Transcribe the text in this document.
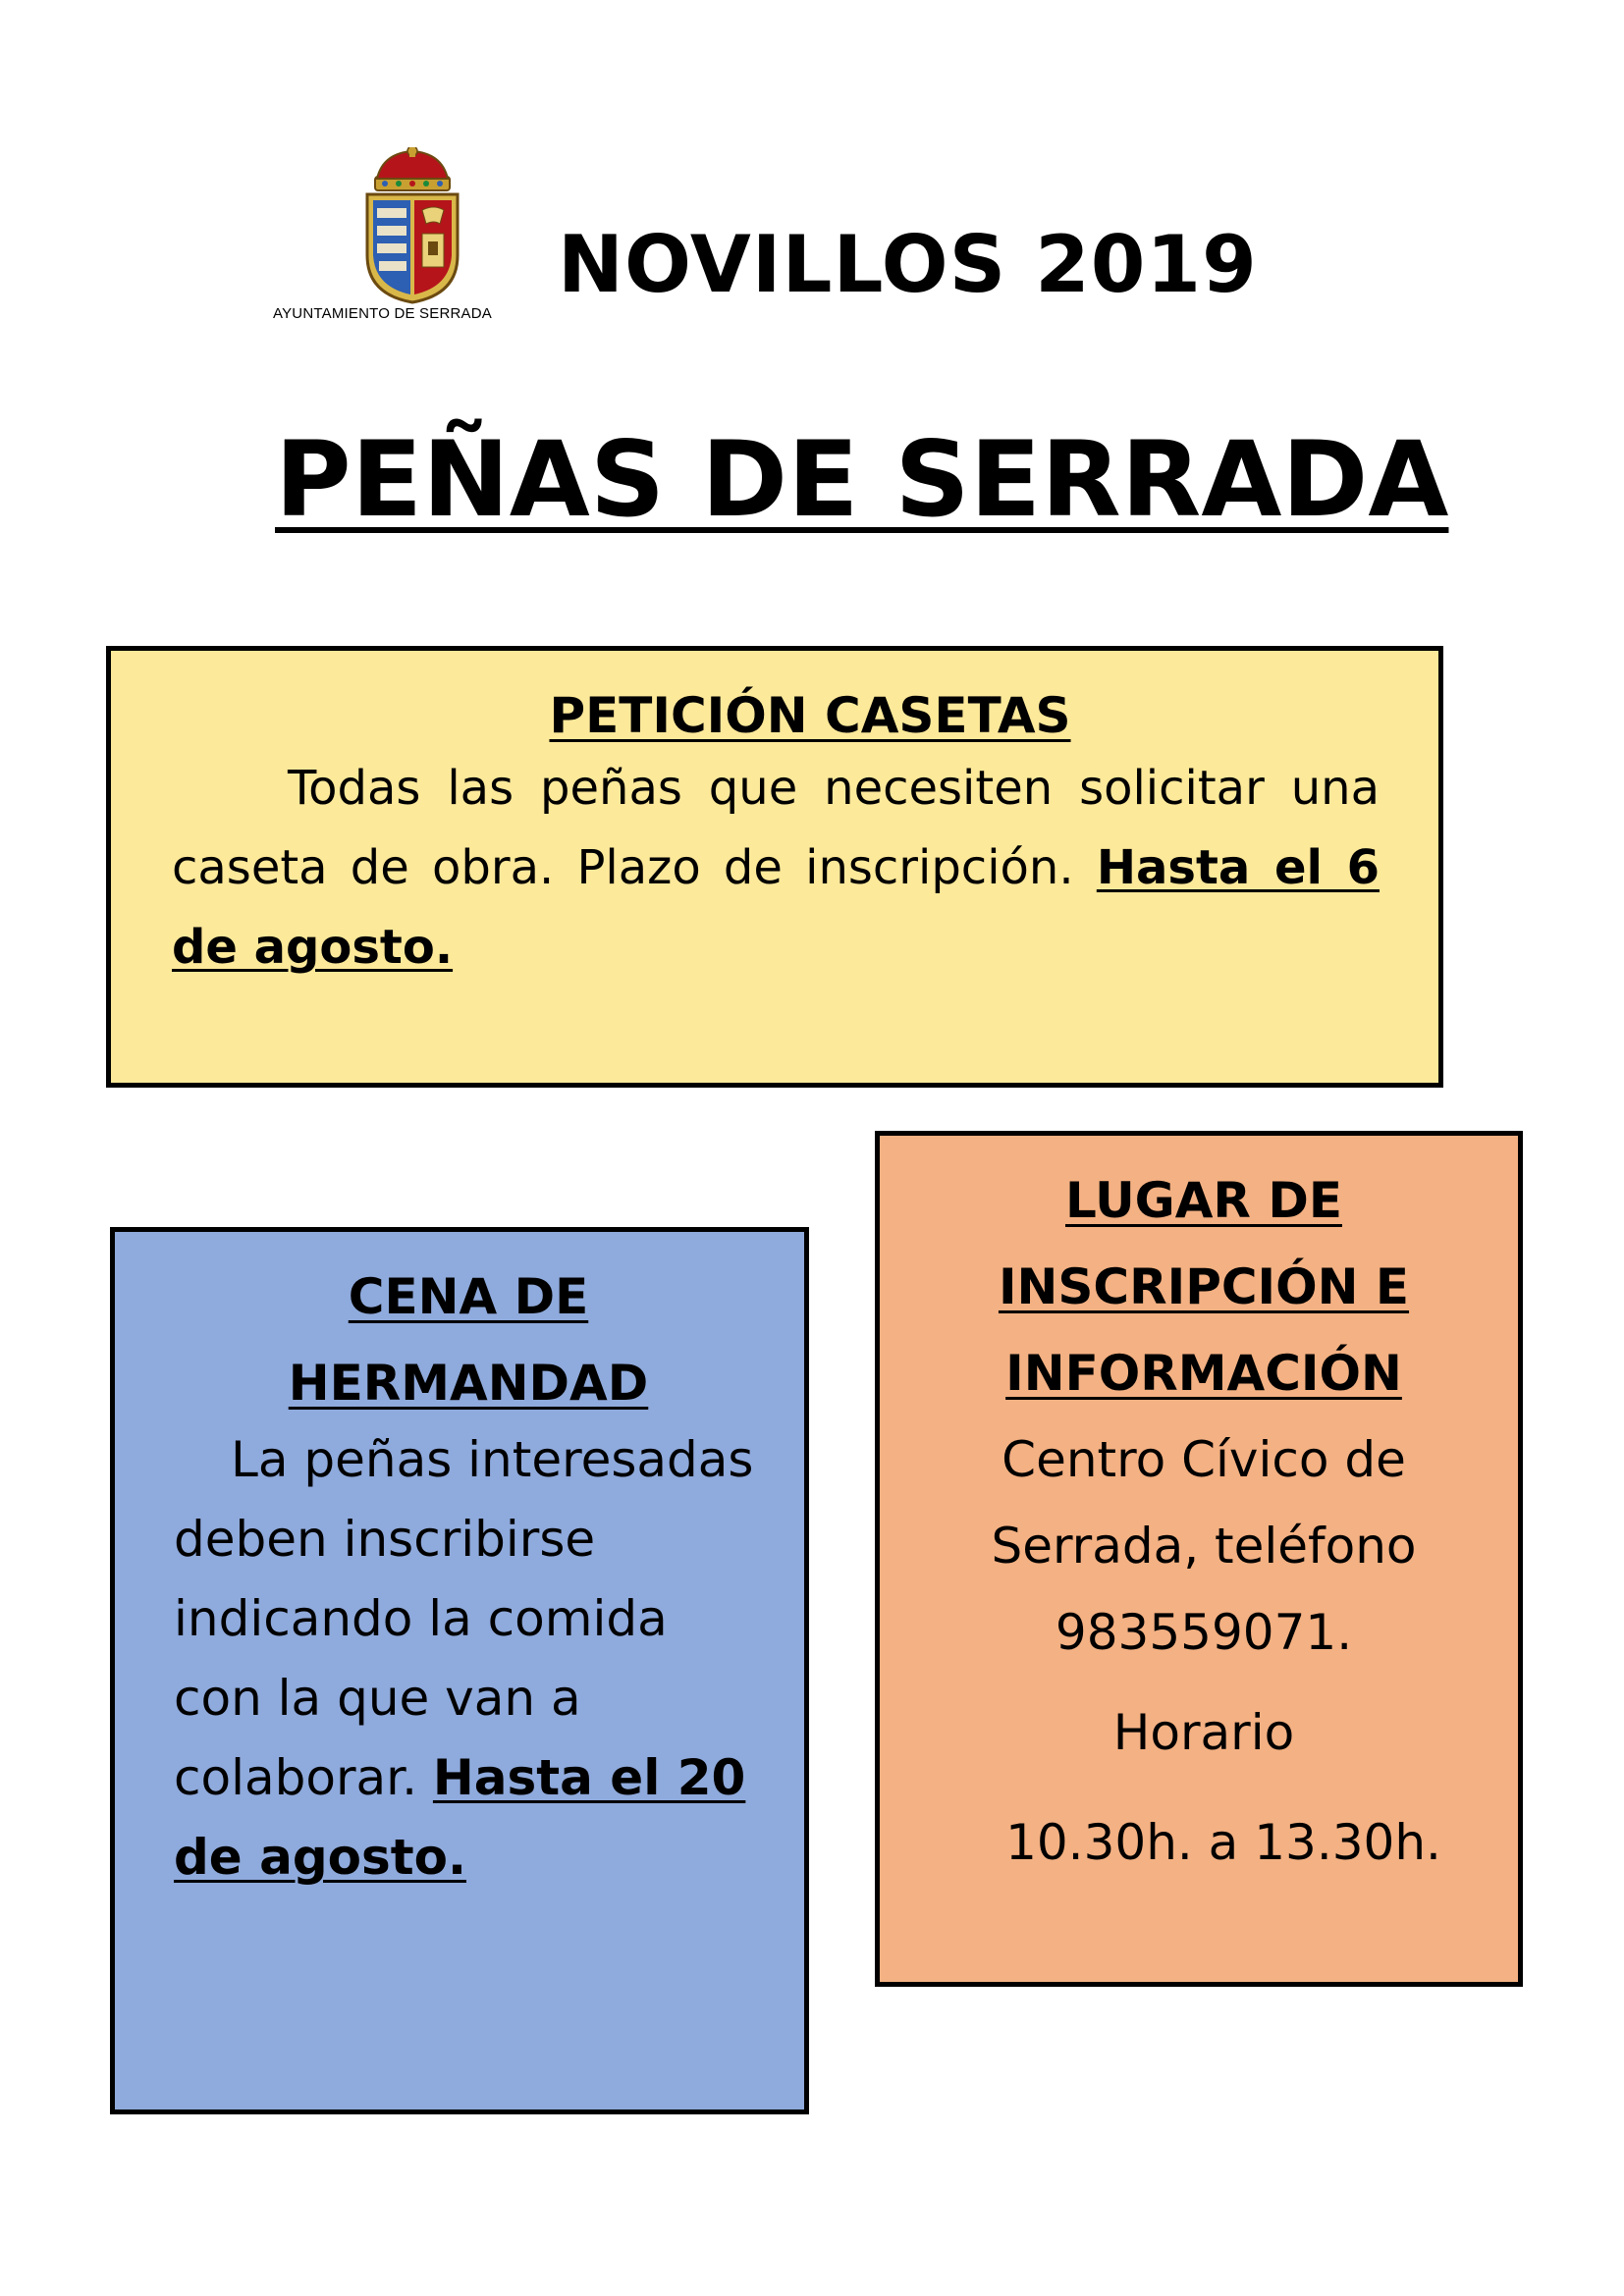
AYUNTAMIENTO DE SERRADA
NOVILLOS 2019
PEÑAS DE SERRADA
PETICIÓN CASETAS
Todas las peñas que necesiten solicitar una caseta de obra. Plazo de inscripción. Hasta el 6 de agosto.
CENA DE
HERMANDAD
La peñas interesadas deben inscribirse indicando la comida con la que van a colaborar. Hasta el 20 de agosto.
LUGAR DE
INSCRIPCIÓN E
INFORMACIÓN
Centro Cívico de
Serrada, teléfono
983559071.
Horario
10.30h. a 13.30h.
